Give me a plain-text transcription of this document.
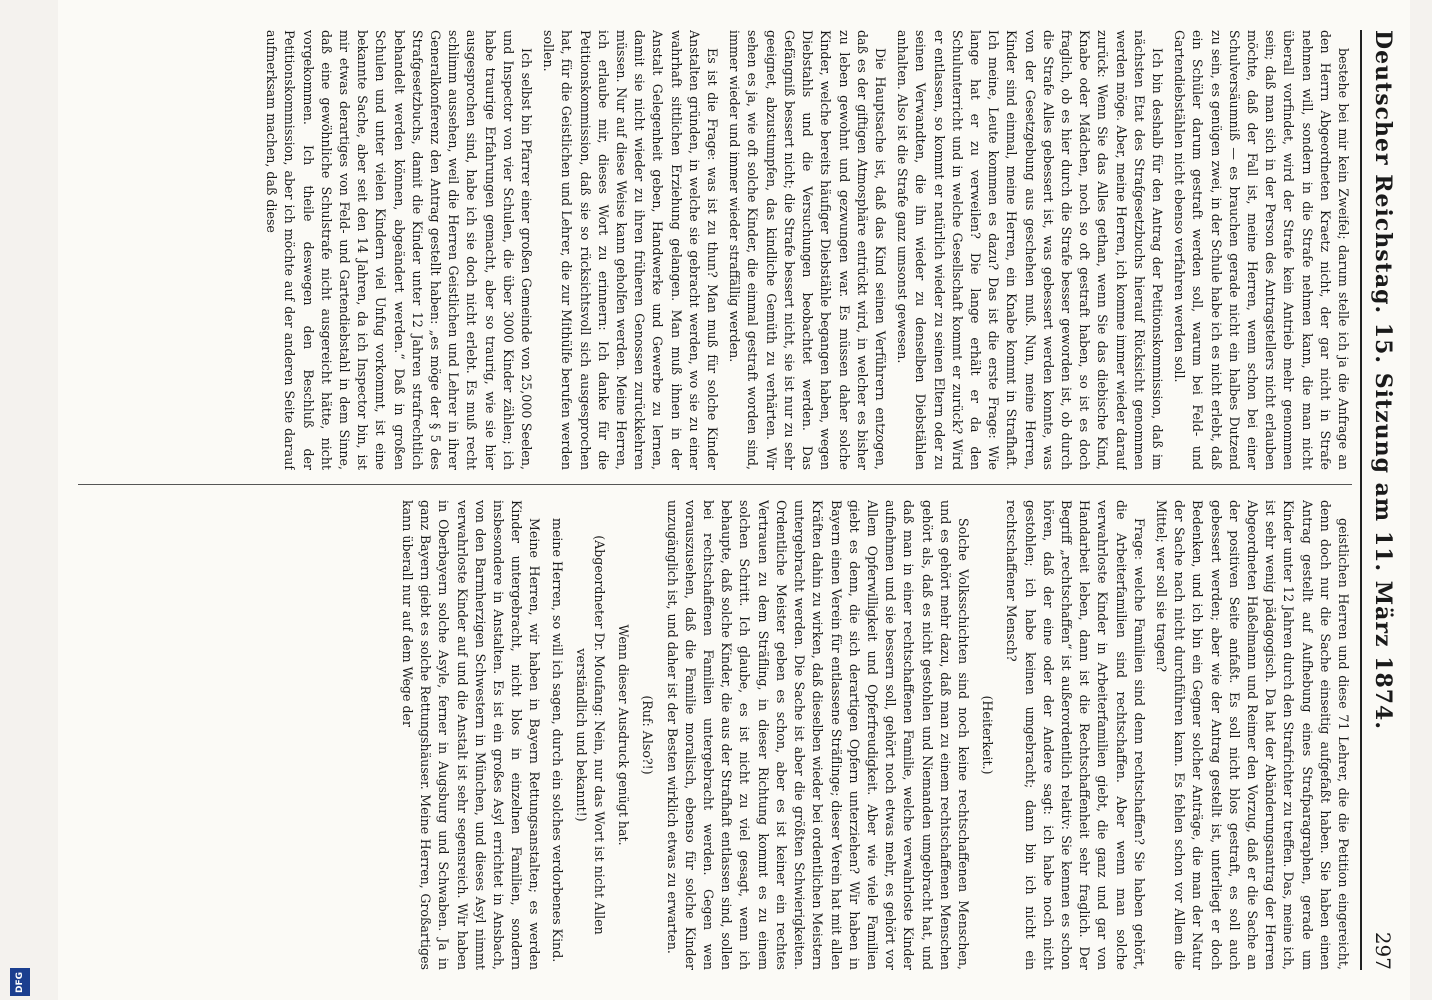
Deutscher Reichstag. 15. Sitzung am 11. März 1874.
297

bestehe bei mir kein Zweifel; darum stelle ich ja die Anfrage an den Herrn Abgeordneten Kraetz nicht, der gar nicht in Strafe nehmen will, sondern in die Strafe nehmen kann, die man nicht überall vorfindet, wird der Strafe kein Antrieb mehr genommen sein; daß man sich in der Person des Antragstellers nicht erlauben möchte, daß der Fall ist, meine Herren, wenn schon bei einer Schulversäumniß — es brauchen gerade nicht ein halbes Dutzend zu sein, es genügen zwei, in der Schule habe ich es nicht erlebt, daß ein Schüler darum gestraft werden soll, warum bei Feld- und Gartendiebstählen nicht ebenso verfahren werden soll.

Ich bin deshalb für den Antrag der Petitionskommission, daß im nächsten Etat des Strafgesetzbuchs hierauf Rücksicht genommen werden möge. Aber, meine Herren, ich komme immer wieder darauf zurück: Wenn Sie das Alles gethan, wenn Sie das diebische Kind, Knabe oder Mädchen, noch so oft gestraft haben, so ist es doch fraglich, ob es hier durch die Strafe besser geworden ist, ob durch die Strafe Alles gebessert ist, was gebessert werden konnte, was von der Gesetzgebung aus geschehen muß. Nun, meine Herren, Kinder sind einmal, meine Herren, ein Knabe kommt in Strafhaft. Ich meine, Leute kommen es dazu? Das ist die erste Frage: Wie lange hat er zu verweilen? Die lange erhält er da den Schulunterricht und in welche Gesellschaft kommt er zurück? Wird er entlassen, so kommt er natürlich wieder zu seinen Eltern oder zu seinen Verwandten, die ihn wieder zu denselben Diebstählen anhalten. Also ist die Strafe ganz umsonst gewesen.

Die Hauptsache ist, daß das Kind seinen Verführern entzogen, daß es der giftigen Atmosphäre entrückt wird, in welcher es bisher zu leben gewohnt und gezwungen war. Es müssen daher solche Kinder, welche bereits häufiger Diebstähle begangen haben, wegen Diebstahls und die Versuchungen beobachtet werden. Das Gefängniß bessert nicht; die Strafe bessert nicht, sie ist nur zu sehr geeignet, abzustumpfen, das kindliche Gemüth zu verhärten. Wir sehen es ja, wie oft solche Kinder, die einmal gestraft worden sind, immer wieder und immer wieder straffällig werden.

Es ist die Frage: was ist zu thun? Man muß für solche Kinder Anstalten gründen, in welche sie gebracht werden, wo sie zu einer wahrhaft sittlichen Erziehung gelangen. Man muß ihnen in der Anstalt Gelegenheit geben, Handwerke und Gewerbe zu lernen, damit sie nicht wieder zu ihren früheren Genossen zurückkehren müssen. Nur auf diese Weise kann geholfen werden. Meine Herren, ich erlaube mir, dieses Wort zu erinnern: Ich danke für die Petitionskommission, daß sie so rücksichtsvoll sich ausgesprochen hat, für die Geistlichen und Lehrer, die zur Mithülfe berufen werden sollen.

Ich selbst bin Pfarrer einer großen Gemeinde von 25,000 Seelen, und Inspector von vier Schulen, die über 3000 Kinder zählen; ich habe traurige Erfahrungen gemacht, aber so traurig, wie sie hier ausgesprochen sind, habe ich sie doch nicht erlebt. Es muß recht schlimm aussehen, weil die Herren Geistlichen und Lehrer in ihrer Generalkonferenz den Antrag gestellt haben: „es möge der § 5 des Strafgesetzbuchs, damit die Kinder unter 12 Jahren strafrechtlich behandelt werden können, abgeändert werden.“ Daß in großen Schulen und unter vielen Kindern viel Unfug vorkommt, ist eine bekannte Sache, aber seit den 14 Jahren, da ich Inspector bin, ist mir etwas derartiges von Feld- und Gartendiebstahl in dem Sinne, daß eine gewöhnliche Schulstrafe nicht ausgereicht hätte, nicht vorgekommen. Ich theile deswegen den Beschluß der Petitionskommission, aber ich möchte auf der anderen Seite darauf aufmerksam machen, daß diese

geistlichen Herren und diese 71 Lehrer, die die Petition eingereicht, denn doch nur die Sache einseitig aufgefaßt haben. Sie haben einen Antrag gestellt auf Aufhebung eines Strafparagraphen, gerade um Kinder unter 12 Jahren durch den Strafrichter zu treffen. Das, meine ich, ist sehr wenig pädagogisch. Da hat der Abänderungsantrag der Herren Abgeordneten Haßelmann und Reimer den Vorzug, daß er die Sache an der positiven Seite anfaßt. Es soll nicht blos gestraft, es soll auch gebessert werden; aber wie der Antrag gestellt ist, unterliegt er doch Bedenken, und ich bin ein Gegner solcher Anträge, die man der Natur der Sache nach nicht durchführen kann. Es fehlen schon vor Allem die Mittel; wer soll sie tragen?

Frage: welche Familien sind denn rechtschaffen? Sie haben gehört, die Arbeiterfamilien sind rechtschaffen. Aber wenn man solche verwahrloste Kinder in Arbeiterfamilien giebt, die ganz und gar von Handarbeit leben, dann ist die Rechtschaffenheit sehr fraglich. Der Begriff „rechtschaffen“ ist außerordentlich relativ: Sie kennen es schon hören, daß der eine oder der Andere sagt: ich habe noch nicht gestohlen; ich habe keinen umgebracht; dann bin ich nicht ein rechtschaffener Mensch?

(Heiterkeit.)

Solche Volksschichten sind noch keine rechtschaffenen Menschen, und es gehört mehr dazu, daß man zu einem rechtschaffenen Menschen gehört als, daß es nicht gestohlen und Niemanden umgebracht hat, und daß man in einer rechtschaffenen Familie, welche verwahrloste Kinder aufnehmen und sie bessern soll, gehört noch etwas mehr, es gehört vor Allem Opferwilligkeit und Opferfreudigkeit. Aber wie viele Familien giebt es denn, die sich derartigen Opfern unterziehen? Wir haben in Bayern einen Verein für entlassene Sträflinge; dieser Verein hat mit allen Kräften dahin zu wirken, daß dieselben wieder bei ordentlichen Meistern untergebracht werden. Die Sache ist aber die größten Schwierigkeiten. Ordentliche Meister geben es schon, aber es ist keiner ein rechtes Vertrauen zu dem Sträfling, in dieser Richtung kommt es zu einem solchen Schritt. Ich glaube, es ist nicht zu viel gesagt, wenn ich behaupte, daß solche Kinder, die aus der Strafhaft entlassen sind, sollen bei rechtschaffenen Familien untergebracht werden. Gegen wen vorauszusehen, daß die Familie moralisch, ebenso für solche Kinder unzugänglich ist, und daher ist der Besten wirklich etwas zu erwarten.

(Ruf: Also?!)

Wenn dieser Ausdruck genügt hat.

(Abgeordneter Dr. Moufang: Nein, nur das Wort ist nicht Allen verständlich und bekannt!)

meine Herren, so will ich sagen, durch ein solches verdorbenes Kind.

Meine Herren, wir haben in Bayern Rettungsanstalten; es werden Kinder untergebracht, nicht blos in einzelnen Familien, sondern insbesondere in Anstalten. Es ist ein großes Asyl errichtet in Ansbach, von den Barmherzigen Schwestern in München, und dieses Asyl nimmt verwahrloste Kinder auf und die Anstalt ist sehr segensreich. Wir haben in Oberbayern solche Asyle, ferner in Augsburg und Schwaben. Ja in ganz Bayern giebt es solche Rettungshäuser. Meine Herren, Großartiges kann überall nur auf dem Wege der

DFG
